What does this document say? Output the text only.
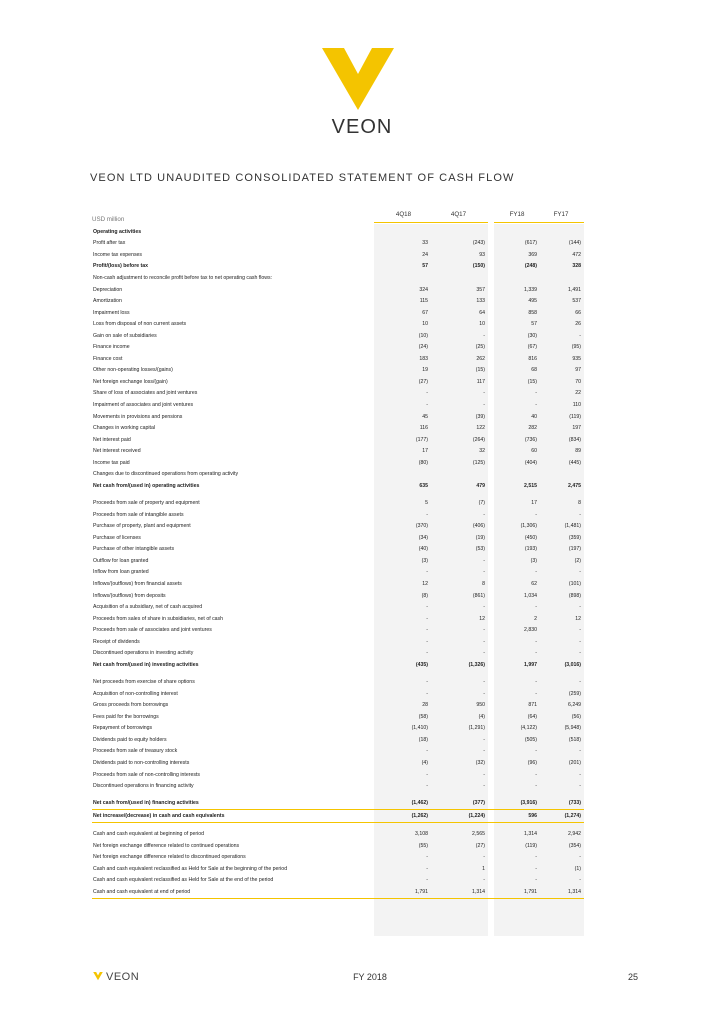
VEON
VEON LTD UNAUDITED CONSOLIDATED STATEMENT OF CASH FLOW
USD million
4Q18	4Q17	FY18	FY17
Operating activities				
Profit after tax	33	(243)	(617)	(144)
Income tax expenses	24	93	369	472
Profit/(loss) before tax	57	(150)	(248)	328
Non-cash adjustment to reconcile profit before tax to net operating cash flows:				
Depreciation	324	357	1,339	1,491
Amortization	115	133	495	537
Impairment loss	67	64	858	66
Loss from disposal of non current assets	10	10	57	26
Gain on sale of subsidiaries	(10)	-	(30)	-
Finance income	(24)	(25)	(67)	(95)
Finance cost	183	262	816	935
Other non-operating losses/(gains)	19	(15)	68	97
Net foreign exchange loss/(gain)	(27)	117	(15)	70
Share of loss of associates and joint ventures	-	-	-	22
Impairment of associates and joint ventures	-	-	-	110
Movements in provisions and pensions	45	(39)	40	(119)
Changes in working capital	116	122	282	197
Net interest paid	(177)	(264)	(736)	(834)
Net interest received	17	32	60	89
Income tax paid	(80)	(125)	(404)	(445)
Changes due to discontinued operations from operating activity				
Net cash from/(used in) operating activities	635	479	2,515	2,475

Proceeds from sale of property and equipment	5	(7)	17	8
Proceeds from sale of intangible assets	-	-	-	-
Purchase of property, plant and equipment	(370)	(406)	(1,306)	(1,481)
Purchase of licenses	(34)	(19)	(450)	(359)
Purchase of other intangible assets	(40)	(53)	(193)	(197)
Outflow for loan granted	(3)	-	(3)	(2)
Inflow from loan granted	-	-	-	-
Inflows/(outflows) from financial assets	12	8	62	(101)
Inflows/(outflows) from deposits	(8)	(861)	1,034	(898)
Acquisition of a subsidiary, net of cash acquired	-	-	-	-
Proceeds from sales of share in subsidiaries, net of cash	-	12	2	12
Proceeds from sale of associates and joint ventures	-	-	2,830	-
Receipt of dividends	-	-	-	-
Discontinued operations in investing activity	-	-	-	-
Net cash from/(used in) investing activities	(435)	(1,326)	1,997	(3,016)

Net proceeds from exercise of share options	-	-	-	-
Acquisition of non-controlling interest	-	-	-	(259)
Gross proceeds from borrowings	28	950	871	6,249
Fees paid for the borrowings	(58)	(4)	(64)	(56)
Repayment of borrowings	(1,410)	(1,291)	(4,122)	(5,948)
Dividends paid to equity holders	(18)	-	(505)	(518)
Proceeds from sale of treasury stock	-	-	-	-
Dividends paid to non-controlling interests	(4)	(32)	(96)	(201)
Proceeds from sale of non-controlling interests	-	-	-	-
Discontinued operations in financing activity	-	-	-	-

Net cash from/(used in) financing activities	(1,462)	(377)	(3,916)	(733)
Net increase/(decrease) in cash and cash equivalents	(1,262)	(1,224)	596	(1,274)

Cash and cash equivalent at beginning of period	3,108	2,565	1,314	2,942
Net foreign exchange difference related to continued operations	(55)	(27)	(119)	(354)
Net foreign exchange difference related to discontinued operations	-	-	-	-
Cash and cash equivalent reclassified as Held for Sale at the beginning of the period	-	1	-	(1)
Cash and cash equivalent reclassified as Held for Sale at the end of the period	-	-	-	-
Cash and cash equivalent at end of period	1,791	1,314	1,791	1,314
VEON	FY 2018	25
